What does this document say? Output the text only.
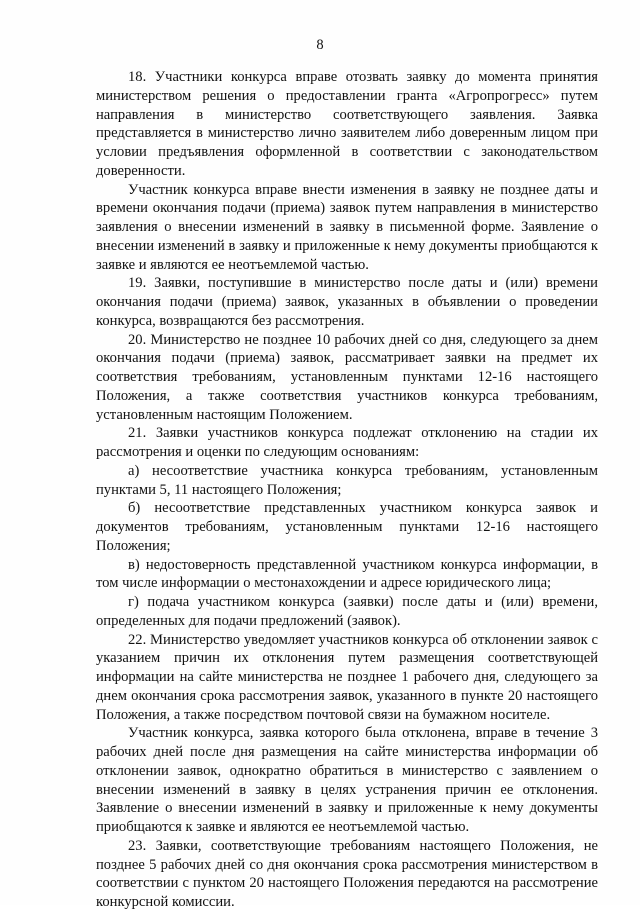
8

18. Участники конкурса вправе отозвать заявку до момента принятия министерством решения о предоставлении гранта «Агропрогресс» путем направления в министерство соответствующего заявления. Заявка представляется в министерство лично заявителем либо доверенным лицом при условии предъявления оформленной в соответствии с законодательством доверенности.

Участник конкурса вправе внести изменения в заявку не позднее даты и времени окончания подачи (приема) заявок путем направления в министерство заявления о внесении изменений в заявку в письменной форме. Заявление о внесении изменений в заявку и приложенные к нему документы приобщаются к заявке и являются ее неотъемлемой частью.

19. Заявки, поступившие в министерство после даты и (или) времени окончания подачи (приема) заявок, указанных в объявлении о проведении конкурса, возвращаются без рассмотрения.

20. Министерство не позднее 10 рабочих дней со дня, следующего за днем окончания подачи (приема) заявок, рассматривает заявки на предмет их соответствия требованиям, установленным пунктами 12-16 настоящего Положения, а также соответствия участников конкурса требованиям, установленным настоящим Положением.

21. Заявки участников конкурса подлежат отклонению на стадии их рассмотрения и оценки по следующим основаниям:

а) несоответствие участника конкурса требованиям, установленным пунктами 5, 11 настоящего Положения;

б) несоответствие представленных участником конкурса заявок и документов требованиям, установленным пунктами 12-16 настоящего Положения;

в) недостоверность представленной участником конкурса информации, в том числе информации о местонахождении и адресе юридического лица;

г) подача участником конкурса (заявки) после даты и (или) времени, определенных для подачи предложений (заявок).

22. Министерство уведомляет участников конкурса об отклонении заявок с указанием причин их отклонения путем размещения соответствующей информации на сайте министерства не позднее 1 рабочего дня, следующего за днем окончания срока рассмотрения заявок, указанного в пункте 20 настоящего Положения, а также посредством почтовой связи на бумажном носителе.

Участник конкурса, заявка которого была отклонена, вправе в течение 3 рабочих дней после дня размещения на сайте министерства информации об отклонении заявок, однократно обратиться в министерство с заявлением о внесении изменений в заявку в целях устранения причин ее отклонения. Заявление о внесении изменений в заявку и приложенные к нему документы приобщаются к заявке и являются ее неотъемлемой частью.

23. Заявки, соответствующие требованиям настоящего Положения, не позднее 5 рабочих дней со дня окончания срока рассмотрения министерством в соответствии с пунктом 20 настоящего Положения передаются на рассмотрение конкурсной комиссии.
